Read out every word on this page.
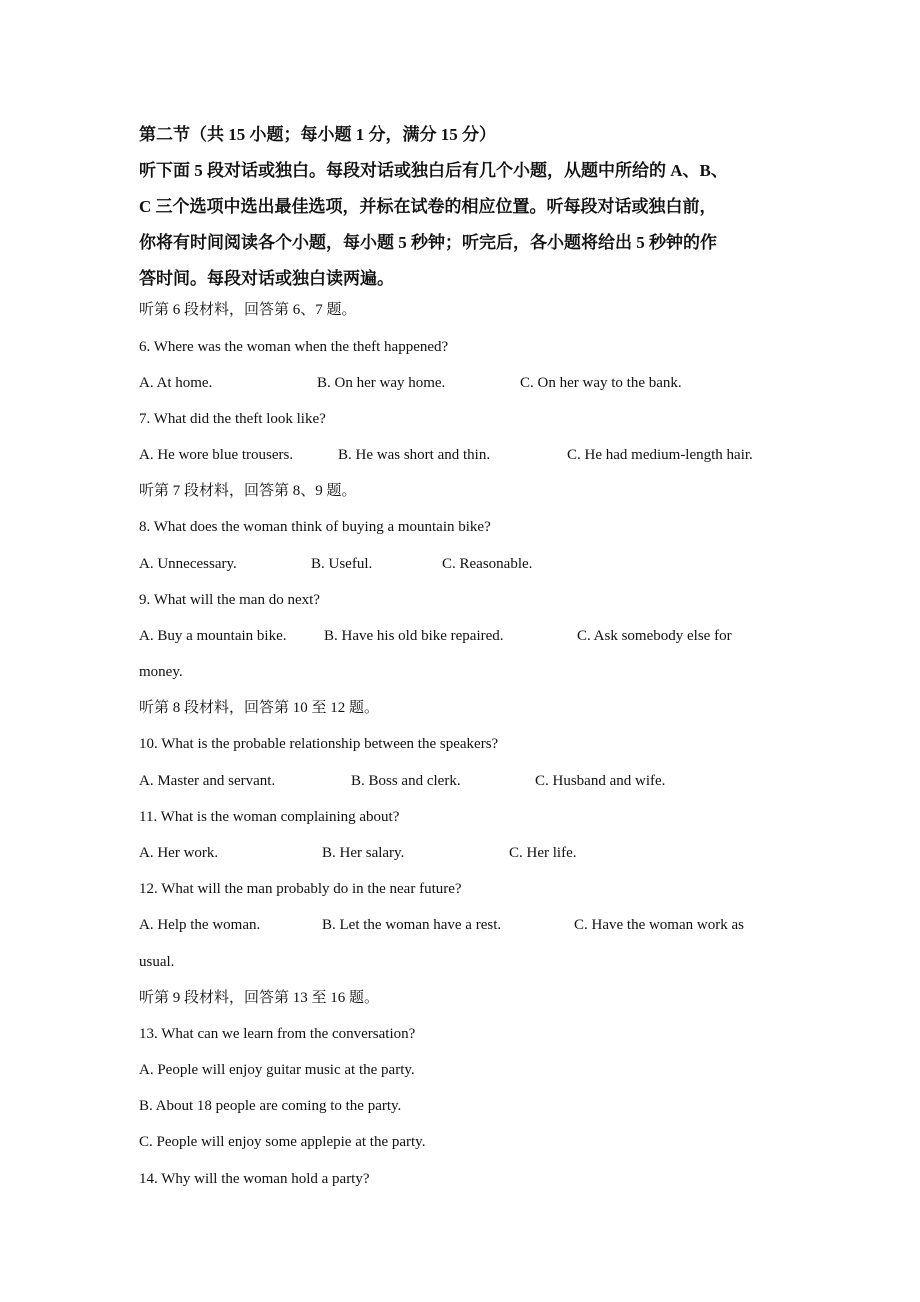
第二节（共 15 小题；每小题 1 分，满分 15 分）

听下面 5 段对话或独白。每段对话或独白后有几个小题，从题中所给的 A、B、

C 三个选项中选出最佳选项，并标在试卷的相应位置。听每段对话或独白前，

你将有时间阅读各个小题，每小题 5 秒钟；听完后，各小题将给出 5 秒钟的作

答时间。每段对话或独白读两遍。

听第 6 段材料，回答第 6、7 题。
6. Where was the woman when the theft happened?
A. At home.	B. On her way home.	C. On her way to the bank.
7. What did the theft look like?
A. He wore blue trousers.	B. He was short and thin.	C. He had medium-length hair.
听第 7 段材料，回答第 8、9 题。
8. What does the woman think of buying a mountain bike?
A. Unnecessary.	B. Useful.	C. Reasonable.
9. What will the man do next?
A. Buy a mountain bike.	B. Have his old bike repaired.	C. Ask somebody else for
money.
听第 8 段材料，回答第 10 至 12 题。
10. What is the probable relationship between the speakers?
A. Master and servant.	B. Boss and clerk.	C. Husband and wife.
11. What is the woman complaining about?
A. Her work.	B. Her salary.	C. Her life.
12. What will the man probably do in the near future?
A. Help the woman.	B. Let the woman have a rest.	C. Have the woman work as
usual.
听第 9 段材料，回答第 13 至 16 题。
13. What can we learn from the conversation?
A. People will enjoy guitar music at the party.
B. About 18 people are coming to the party.
C. People will enjoy some applepie at the party.
14. Why will the woman hold a party?
